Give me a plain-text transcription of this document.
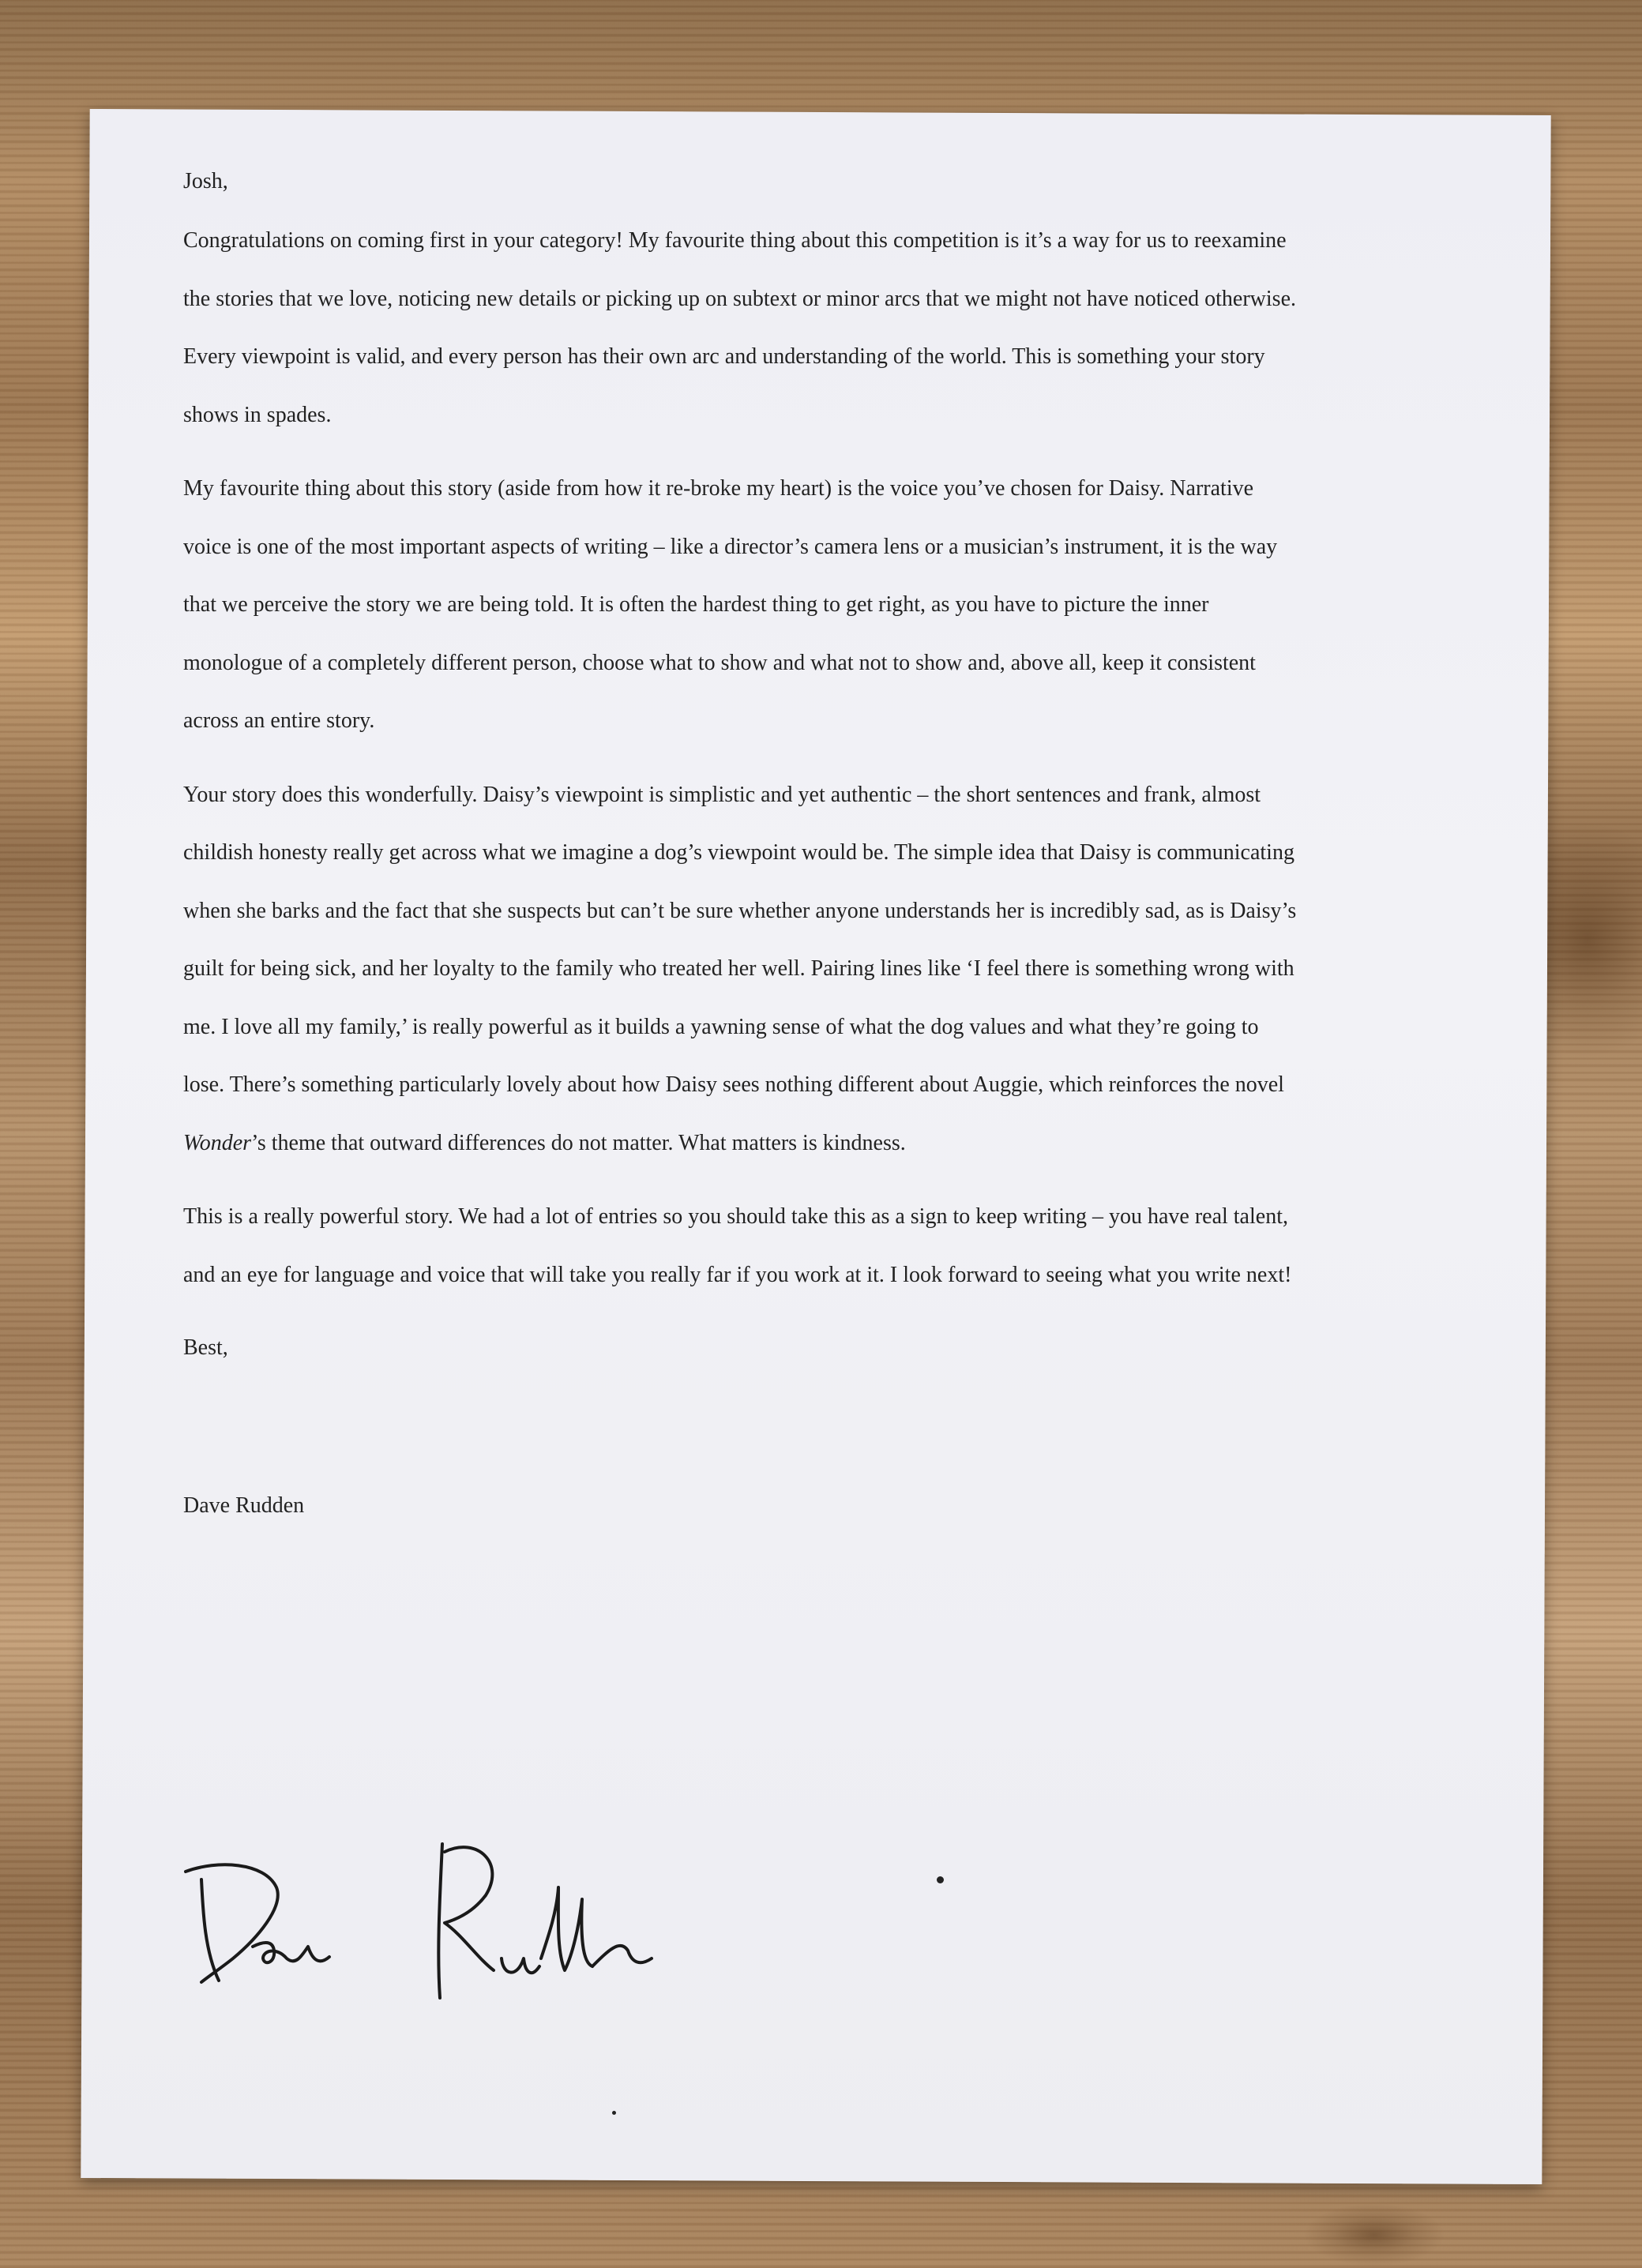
Josh,

Congratulations on coming first in your category! My favourite thing about this competition is it’s a way for us to reexamine the stories that we love, noticing new details or picking up on subtext or minor arcs that we might not have noticed otherwise. Every viewpoint is valid, and every person has their own arc and understanding of the world. This is something your story shows in spades.

My favourite thing about this story (aside from how it re-broke my heart) is the voice you’ve chosen for Daisy. Narrative voice is one of the most important aspects of writing – like a director’s camera lens or a musician’s instrument, it is the way that we perceive the story we are being told. It is often the hardest thing to get right, as you have to picture the inner monologue of a completely different person, choose what to show and what not to show and, above all, keep it consistent across an entire story.

Your story does this wonderfully. Daisy’s viewpoint is simplistic and yet authentic – the short sentences and frank, almost childish honesty really get across what we imagine a dog’s viewpoint would be. The simple idea that Daisy is communicating when she barks and the fact that she suspects but can’t be sure whether anyone understands her is incredibly sad, as is Daisy’s guilt for being sick, and her loyalty to the family who treated her well. Pairing lines like ‘I feel there is something wrong with me. I love all my family,’ is really powerful as it builds a yawning sense of what the dog values and what they’re going to lose. There’s something particularly lovely about how Daisy sees nothing different about Auggie, which reinforces the novel Wonder’s theme that outward differences do not matter. What matters is kindness.

This is a really powerful story. We had a lot of entries so you should take this as a sign to keep writing – you have real talent, and an eye for language and voice that will take you really far if you work at it. I look forward to seeing what you write next!

Best,

Dave Rudden
